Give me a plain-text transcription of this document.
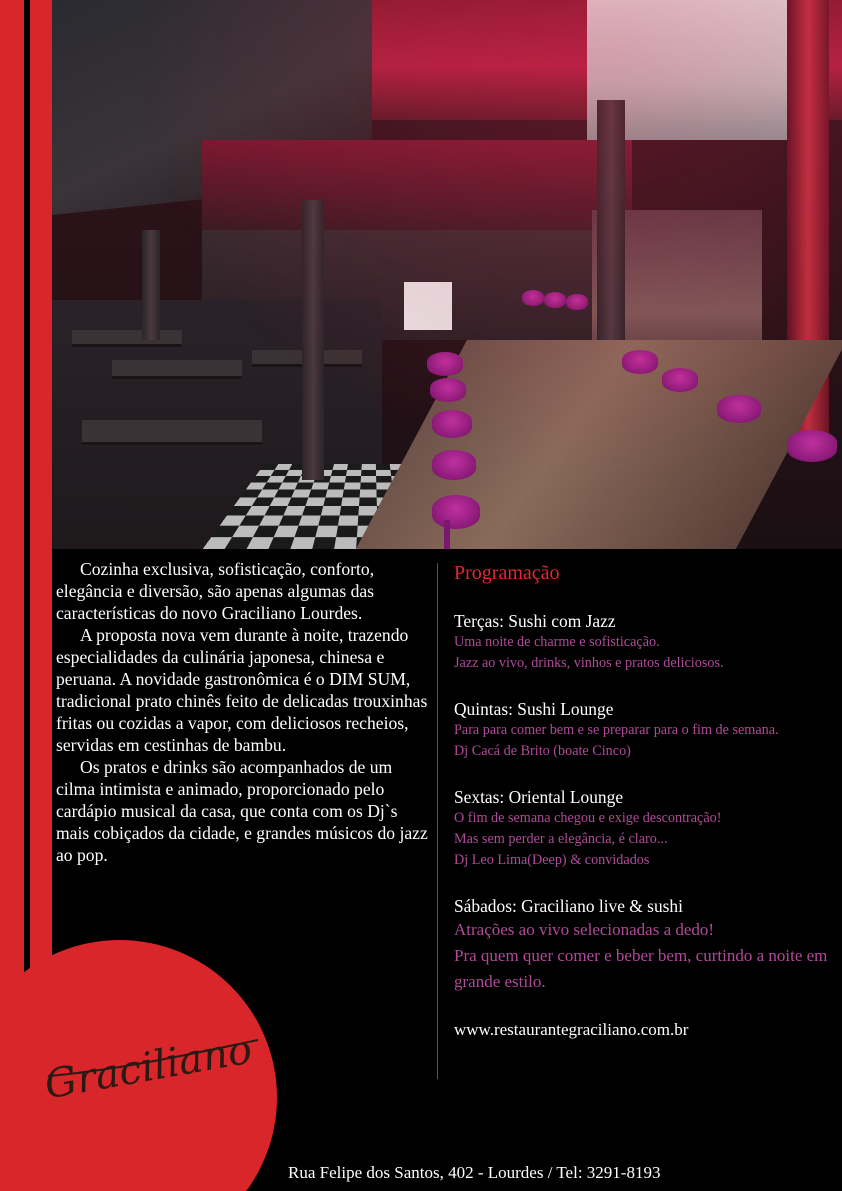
Graciliano

Cozinha exclusiva, sofisticação, conforto, elegância e diversão, são apenas algumas das características do novo Graciliano Lourdes.

A proposta nova vem durante à noite, trazendo especialidades da culinária japonesa, chinesa e peruana. A novidade gastronômica é o DIM SUM, tradicional prato chinês feito de delicadas trouxinhas fritas ou cozidas a vapor, com deliciosos recheios, servidas em cestinhas de bambu.

Os pratos e drinks são acompanhados de um cilma intimista e animado, proporcionado pelo cardápio musical da casa, que conta com os Dj`s mais cobiçados da cidade, e grandes músicos do jazz ao pop.

Programação
Terças: Sushi com Jazz
Uma noite de charme e sofisticação.
Jazz ao vivo, drinks, vinhos e pratos deliciosos.
Quintas: Sushi Lounge
Para para comer bem e se preparar para o fim de semana.
Dj Cacá de Brito (boate Cinco)
Sextas: Oriental Lounge
O fim de semana chegou e exige descontração!
Mas sem perder a elegância, é claro...
Dj Leo Lima(Deep) & convidados
Sábados: Graciliano live & sushi
Atrações ao vivo selecionadas a dedo!
Pra quem quer comer e beber bem, curtindo a noite em grande estilo.
www.restaurantegraciliano.com.br
Rua Felipe dos Santos, 402 - Lourdes / Tel: 3291-8193
